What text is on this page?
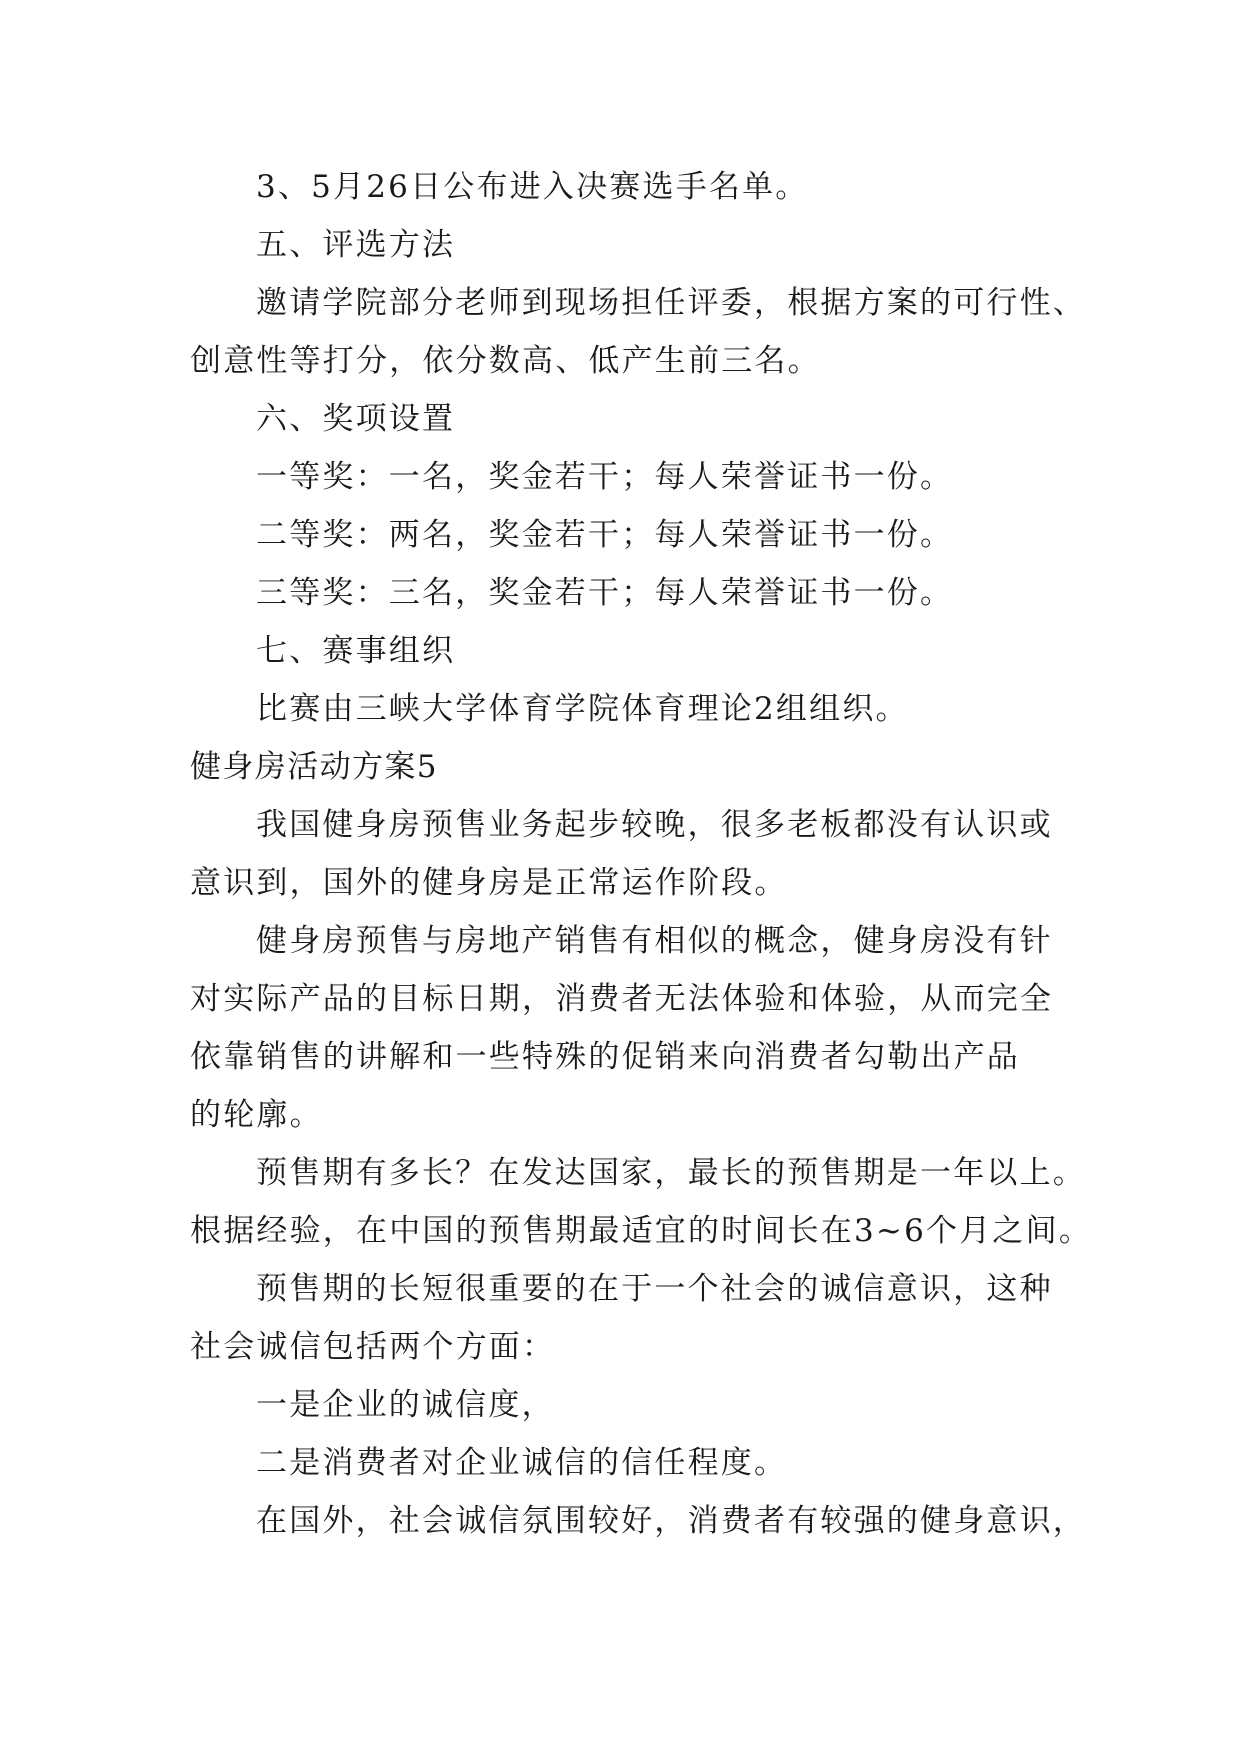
3、5月26日公布进入决赛选手名单。
五、评选方法
邀请学院部分老师到现场担任评委，根据方案的可行性、
创意性等打分，依分数高、低产生前三名。
六、奖项设置
一等奖：一名，奖金若干；每人荣誉证书一份。
二等奖：两名，奖金若干；每人荣誉证书一份。
三等奖：三名，奖金若干；每人荣誉证书一份。
七、赛事组织
比赛由三峡大学体育学院体育理论2组组织。
健身房活动方案5
我国健身房预售业务起步较晚，很多老板都没有认识或
意识到，国外的健身房是正常运作阶段。
健身房预售与房地产销售有相似的概念，健身房没有针
对实际产品的目标日期，消费者无法体验和体验，从而完全
依靠销售的讲解和一些特殊的促销来向消费者勾勒出产品
的轮廓。
预售期有多长？在发达国家，最长的预售期是一年以上。
根据经验，在中国的预售期最适宜的时间长在3~6个月之间。
预售期的长短很重要的在于一个社会的诚信意识，这种
社会诚信包括两个方面：
一是企业的诚信度，
二是消费者对企业诚信的信任程度。
在国外，社会诚信氛围较好，消费者有较强的健身意识，
